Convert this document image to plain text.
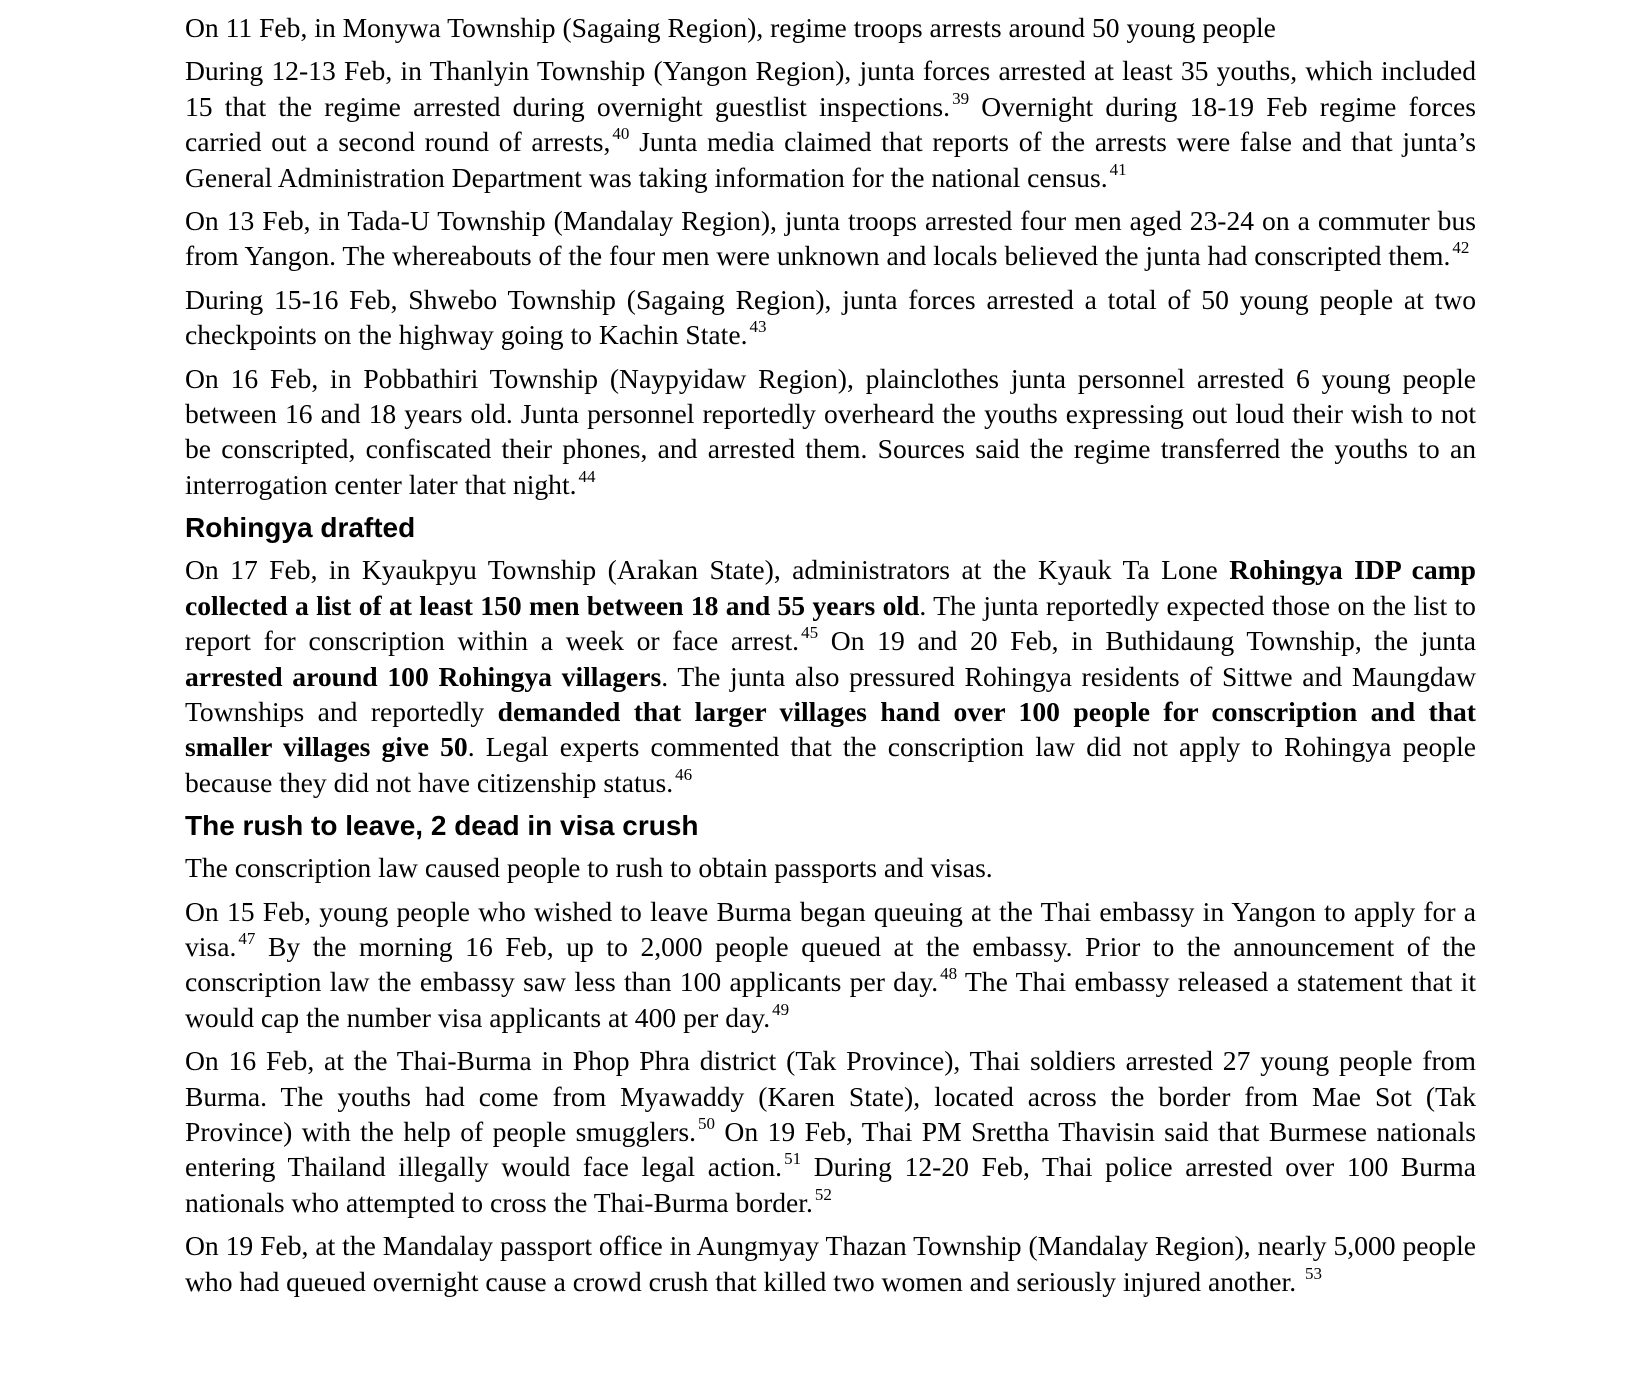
On 11 Feb, in Monywa Township (Sagaing Region), regime troops arrests around 50 young people

During 12-13 Feb, in Thanlyin Township (Yangon Region), junta forces arrested at least 35 youths, which included 15 that the regime arrested during overnight guestlist inspections. $^{39}$ Overnight during 18-19 Feb regime forces carried out a second round of arrests, $^{40}$ Junta media claimed that reports of the arrests were false and that junta’s General Administration Department was taking information for the national census. $^{41}$

On 13 Feb, in Tada-U Township (Mandalay Region), junta troops arrested four men aged 23-24 on a commuter bus from Yangon. The whereabouts of the four men were unknown and locals believed the junta had conscripted them. $^{42}$

During 15-16 Feb, Shwebo Township (Sagaing Region), junta forces arrested a total of 50 young people at two checkpoints on the highway going to Kachin State. $^{43}$

On 16 Feb, in Pobbathiri Township (Naypyidaw Region), plainclothes junta personnel arrested 6 young people between 16 and 18 years old. Junta personnel reportedly overheard the youths expressing out loud their wish to not be conscripted, confiscated their phones, and arrested them. Sources said the regime transferred the youths to an interrogation center later that night. $^{44}$

Rohingya drafted

On 17 Feb, in Kyaukpyu Township (Arakan State), administrators at the Kyauk Ta Lone Rohingya IDP camp collected a list of at least 150 men between 18 and 55 years old. The junta reportedly expected those on the list to report for conscription within a week or face arrest. $^{45}$ On 19 and 20 Feb, in Buthidaung Township, the junta arrested around 100 Rohingya villagers. The junta also pressured Rohingya residents of Sittwe and Maungdaw Townships and reportedly demanded that larger villages hand over 100 people for conscription and that smaller villages give 50. Legal experts commented that the conscription law did not apply to Rohingya people because they did not have citizenship status. $^{46}$

The rush to leave, 2 dead in visa crush

The conscription law caused people to rush to obtain passports and visas.

On 15 Feb, young people who wished to leave Burma began queuing at the Thai embassy in Yangon to apply for a visa. $^{47}$ By the morning 16 Feb, up to 2,000 people queued at the embassy. Prior to the announcement of the conscription law the embassy saw less than 100 applicants per day. $^{48}$ The Thai embassy released a statement that it would cap the number visa applicants at 400 per day. $^{49}$

On 16 Feb, at the Thai-Burma in Phop Phra district (Tak Province), Thai soldiers arrested 27 young people from Burma. The youths had come from Myawaddy (Karen State), located across the border from Mae Sot (Tak Province) with the help of people smugglers. $^{50}$ On 19 Feb, Thai PM Srettha Thavisin said that Burmese nationals entering Thailand illegally would face legal action. $^{51}$ During 12-20 Feb, Thai police arrested over 100 Burma nationals who attempted to cross the Thai-Burma border. $^{52}$

On 19 Feb, at the Mandalay passport office in Aungmyay Thazan Township (Mandalay Region), nearly 5,000 people who had queued overnight cause a crowd crush that killed two women and seriously injured another. $^{53}$
